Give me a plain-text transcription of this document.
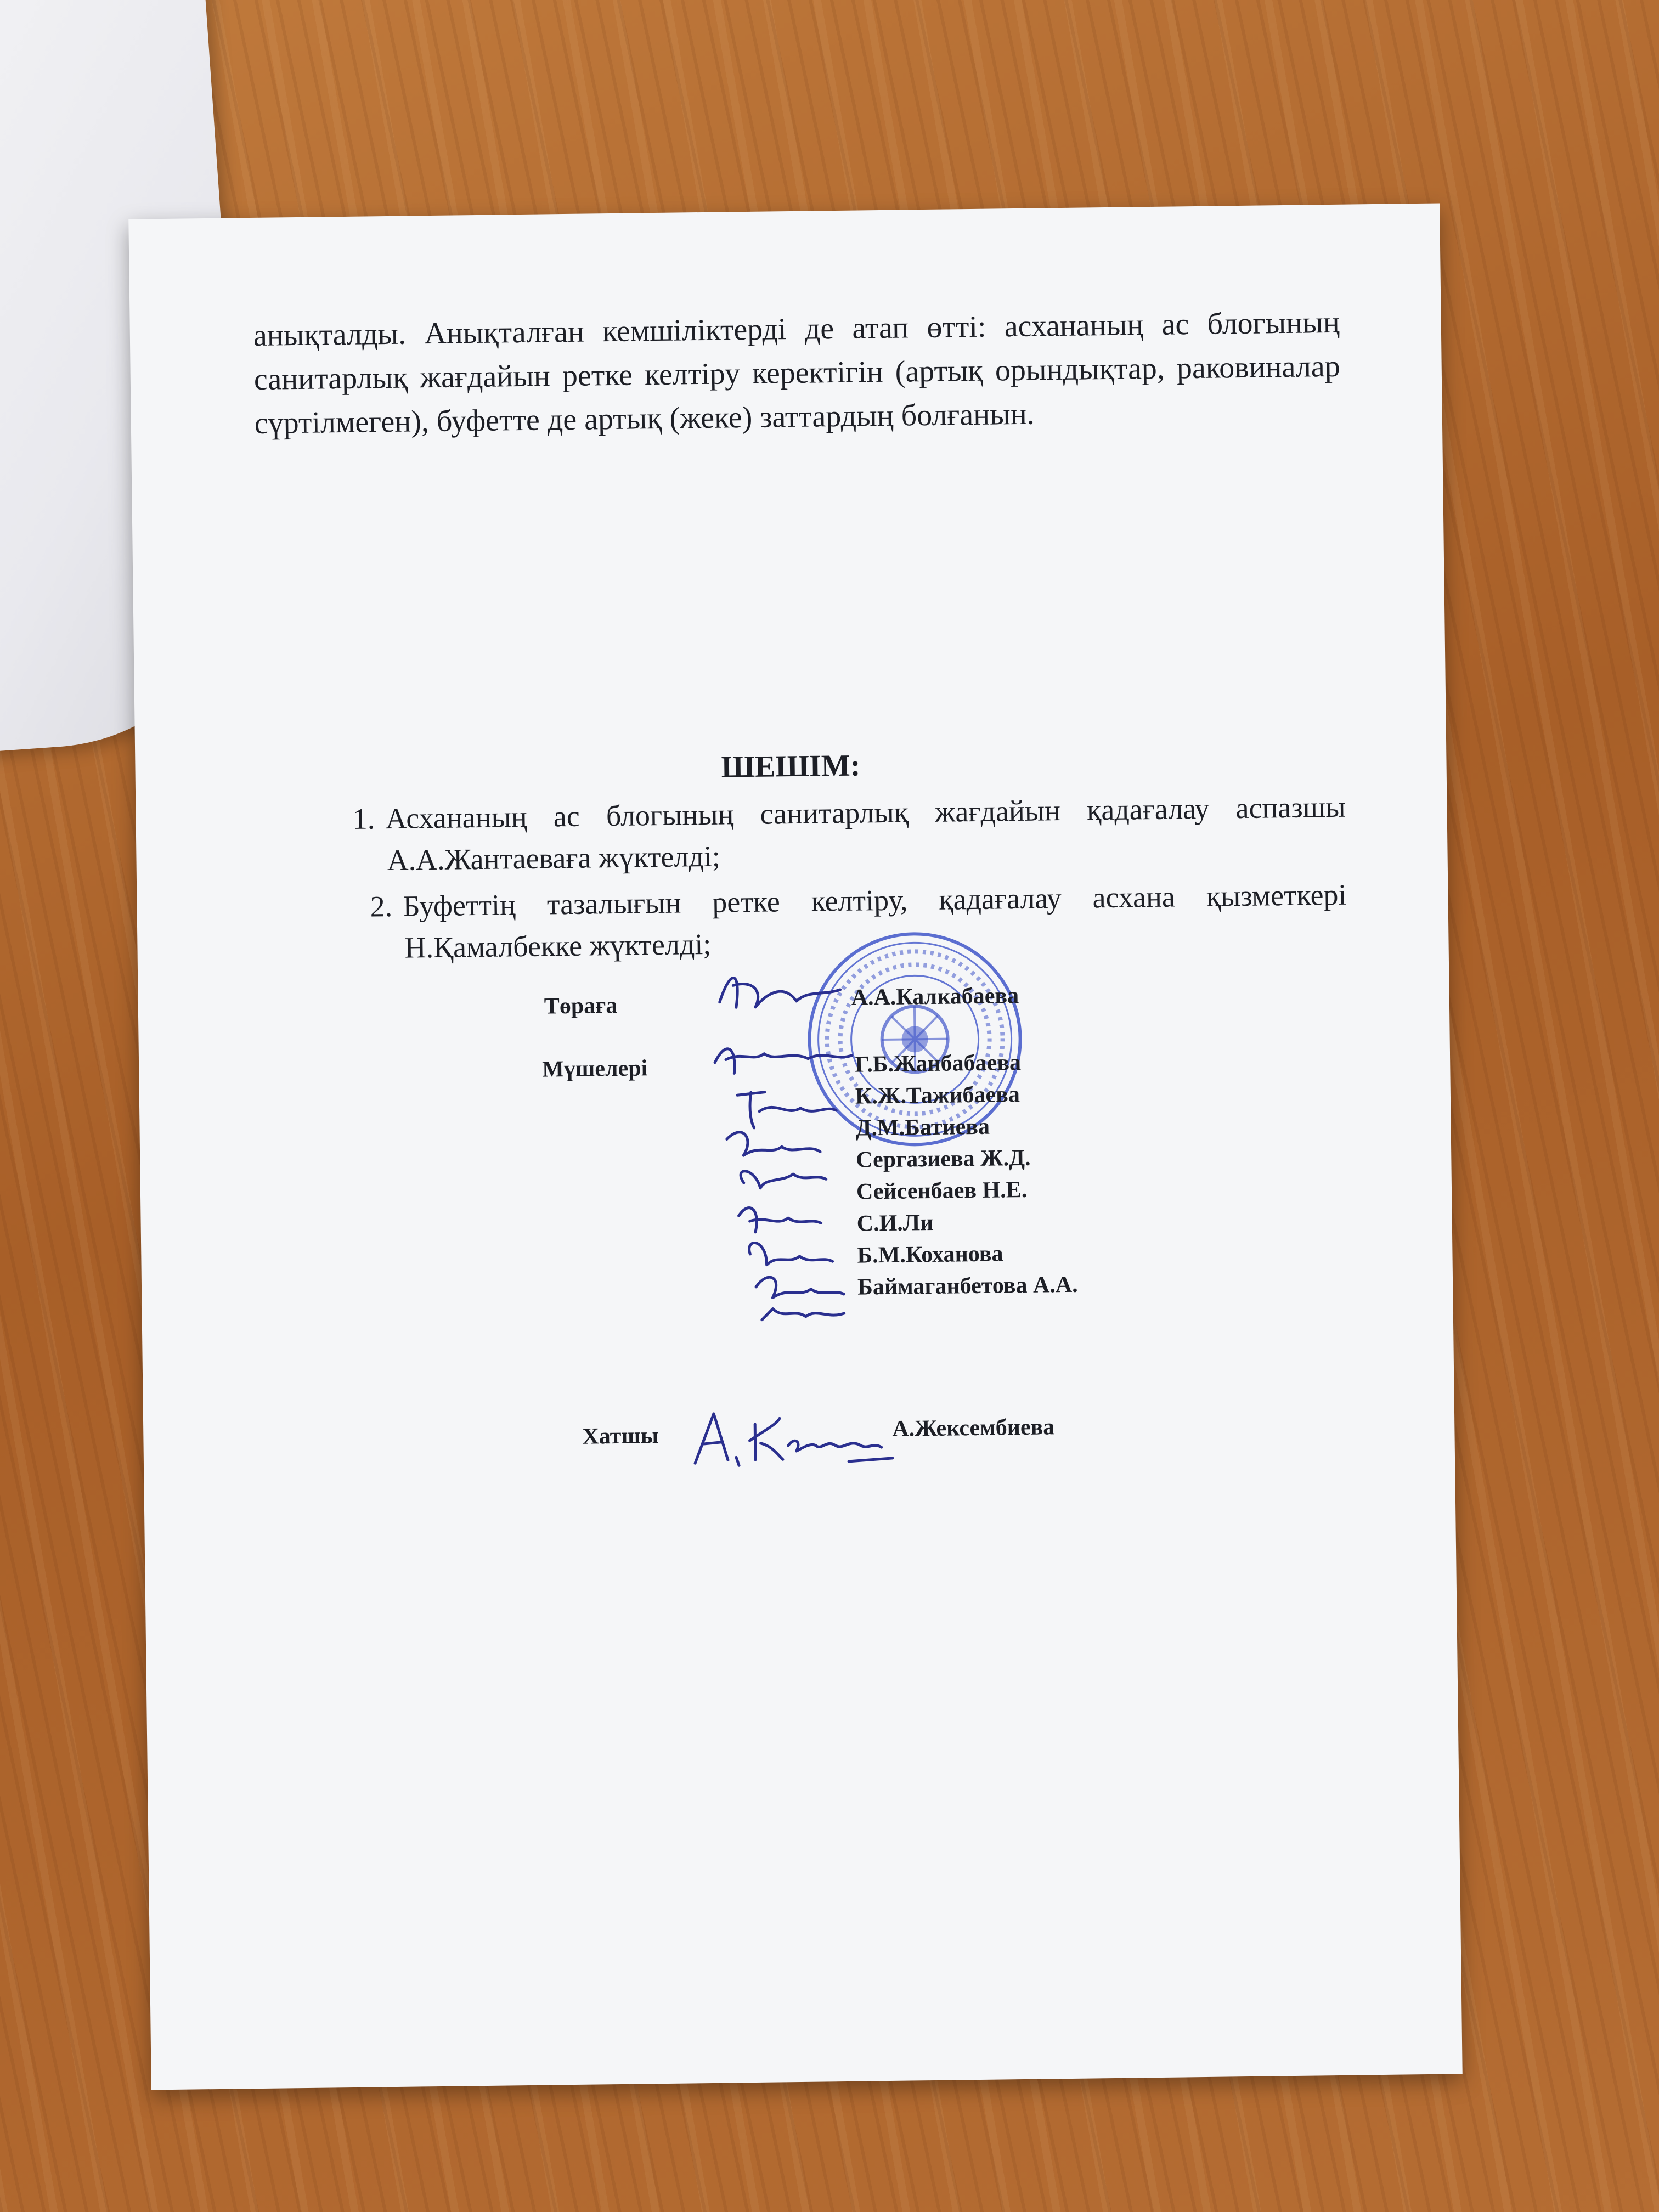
анықталды. Анықталған кемшіліктерді де атап өтті: асхананың ас блогының санитарлық жағдайын ретке келтіру керектігін (артық орындықтар, раковиналар сүртілмеген), буфетте де артық (жеке) заттардың болғанын.
ШЕШІМ:
1. Асхананың ас блогының санитарлық жағдайын қадағалау аспазшы
А.А.Жантаеваға жүктелді;
2. Буфеттің тазалығын ретке келтіру, қадағалау асхана қызметкері
Н.Қамалбекке жүктелді;
Төраға	А.А.Калкабаева
Мүшелері	Г.Б.Жанбабаева
К.Ж.Тажибаева
Д.М.Батиева
Сергазиева Ж.Д.
Сейсенбаев Н.Е.
С.И.Ли
Б.М.Коханова
Баймаганбетова А.А.
Хатшы	А.Жексембиева
